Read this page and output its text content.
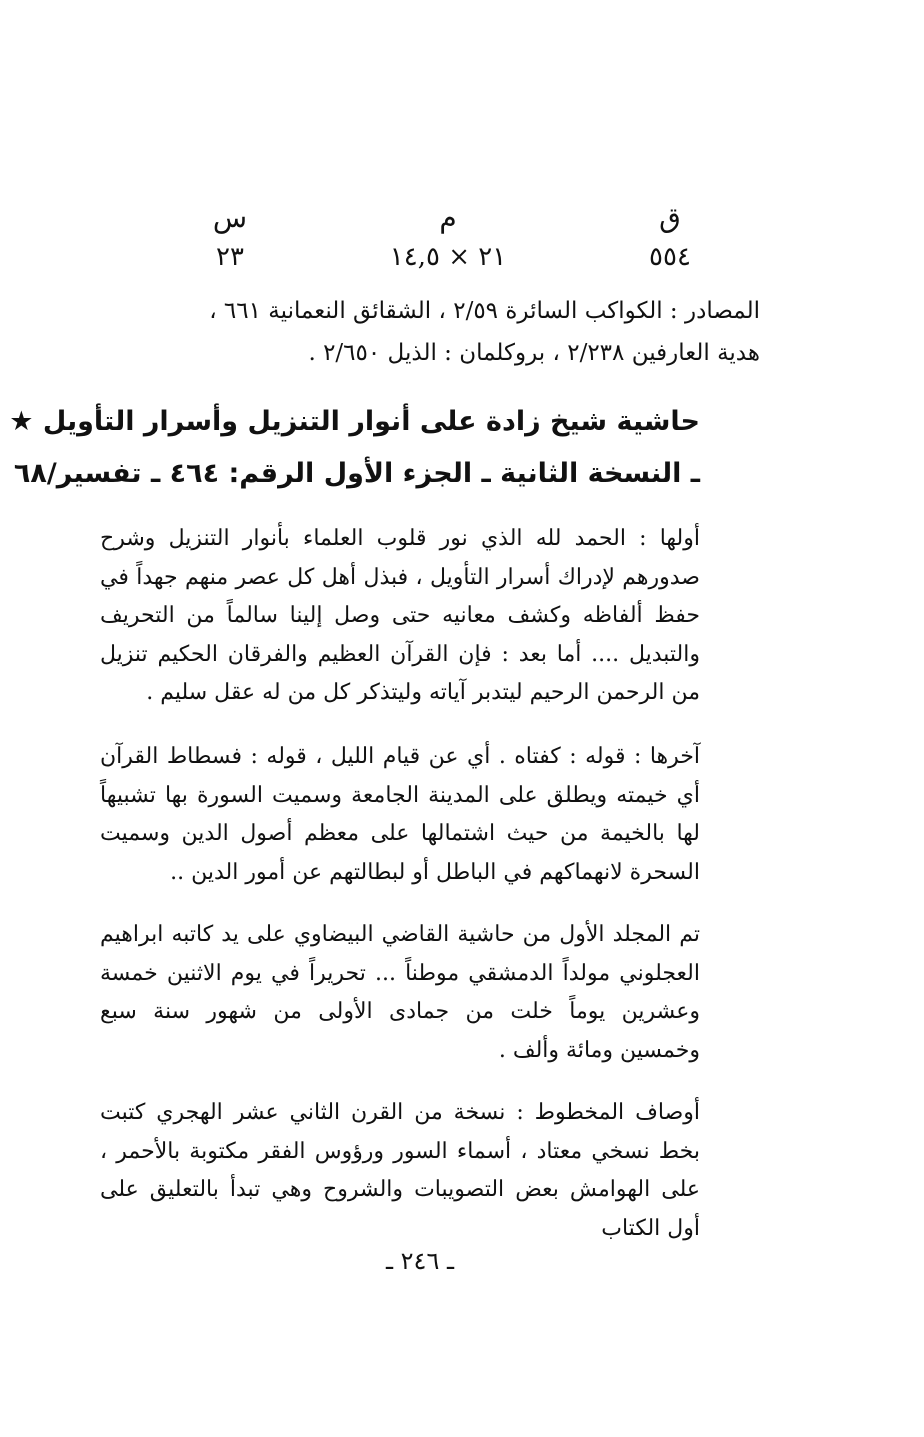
ق
٥٥٤
م
٢١ × ١٤,٥
س
٢٣
المصادر : الكواكب السائرة ٢/٥٩ ، الشقائق النعمانية ٦٦١ ،
هدية العارفين ٢/٢٣٨ ، بروكلمان : الذيل ٢/٦٥٠ .
حاشية شيخ زادة على أنوار التنزيل وأسرار التأويل ★
ـ النسخة الثانية ـ الجزء الأول الرقم: ٤٦٤ ـ تفسير/٦٨
أولها : الحمد لله الذي نور قلوب العلماء بأنوار التنزيل وشرح صدورهم لإدراك أسرار التأويل ، فبذل أهل كل عصر منهم جهداً في حفظ ألفاظه وكشف معانيه حتى وصل إلينا سالماً من التحريف والتبديل .... أما بعد : فإن القرآن العظيم والفرقان الحكيم تنزيل من الرحمن الرحيم ليتدبر آياته وليتذكر كل من له عقل سليم .
آخرها : قوله : كفتاه . أي عن قيام الليل ، قوله : فسطاط القرآن أي خيمته ويطلق على المدينة الجامعة وسميت السورة بها تشبيهاً لها بالخيمة من حيث اشتمالها على معظم أصول الدين وسميت السحرة لانهماكهم في الباطل أو لبطالتهم عن أمور الدين ..
تم المجلد الأول من حاشية القاضي البيضاوي على يد كاتبه ابراهيم العجلوني مولداً الدمشقي موطناً ... تحريراً في يوم الاثنين خمسة وعشرين يوماً خلت من جمادى الأولى من شهور سنة سبع وخمسين ومائة وألف .
أوصاف المخطوط : نسخة من القرن الثاني عشر الهجري كتبت بخط نسخي معتاد ، أسماء السور ورؤوس الفقر مكتوبة بالأحمر ، على الهوامش بعض التصويبات والشروح وهي تبدأ بالتعليق على أول الكتاب
ـ ٢٤٦ ـ
